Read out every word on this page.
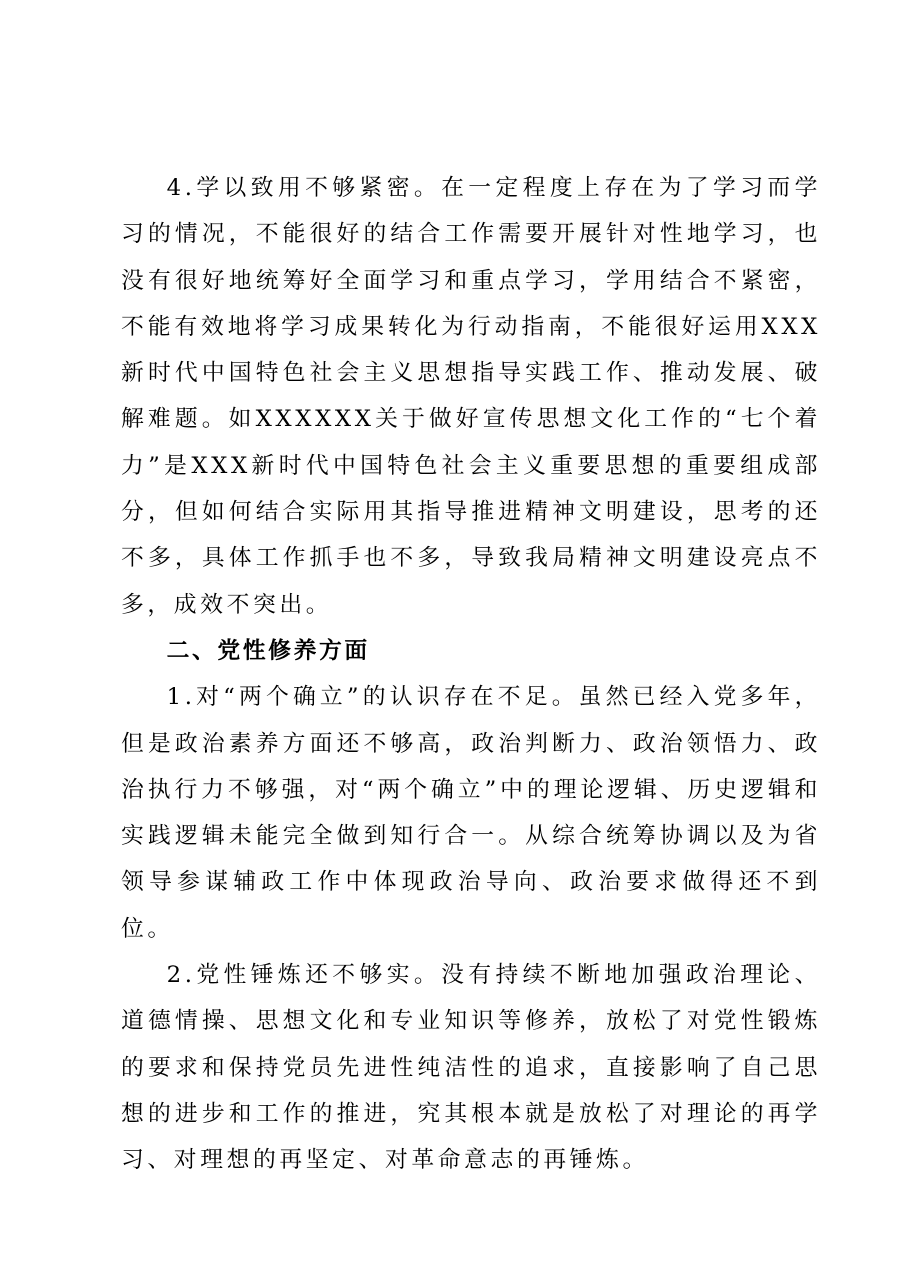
4.学以致用不够紧密。在一定程度上存在为了学习而学习的情况，不能很好的结合工作需要开展针对性地学习，也没有很好地统筹好全面学习和重点学习，学用结合不紧密，不能有效地将学习成果转化为行动指南，不能很好运用XXX新时代中国特色社会主义思想指导实践工作、推动发展、破解难题。如XXXXXX关于做好宣传思想文化工作的“七个着力”是XXX新时代中国特色社会主义重要思想的重要组成部分，但如何结合实际用其指导推进精神文明建设，思考的还不多，具体工作抓手也不多，导致我局精神文明建设亮点不多，成效不突出。

二、党性修养方面

1.对“两个确立”的认识存在不足。虽然已经入党多年，但是政治素养方面还不够高，政治判断力、政治领悟力、政治执行力不够强，对“两个确立”中的理论逻辑、历史逻辑和实践逻辑未能完全做到知行合一。从综合统筹协调以及为省领导参谋辅政工作中体现政治导向、政治要求做得还不到位。

2.党性锤炼还不够实。没有持续不断地加强政治理论、道德情操、思想文化和专业知识等修养，放松了对党性锻炼的要求和保持党员先进性纯洁性的追求，直接影响了自己思想的进步和工作的推进，究其根本就是放松了对理论的再学习、对理想的再坚定、对革命意志的再锤炼。
